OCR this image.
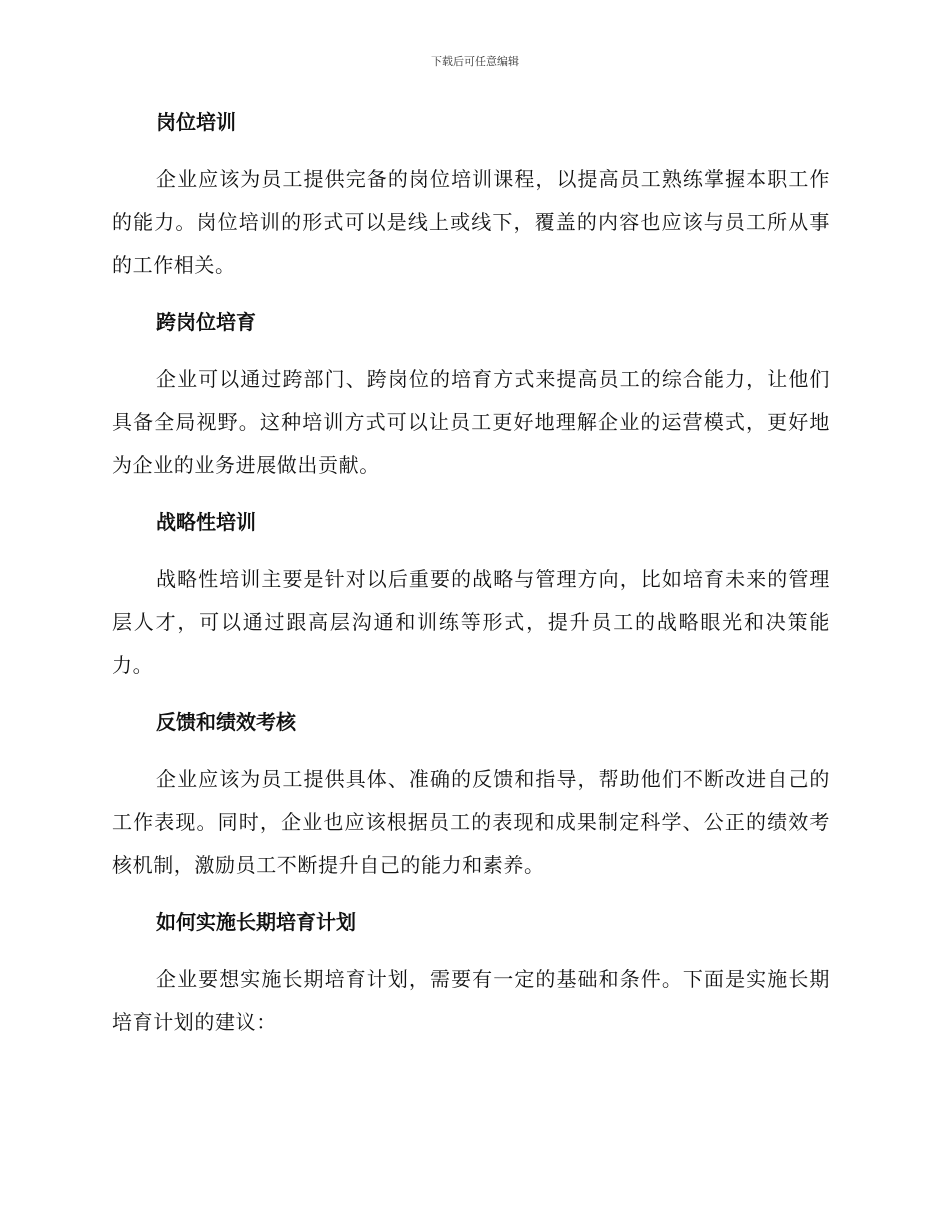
下载后可任意编辑
岗位培训
企业应该为员工提供完备的岗位培训课程，以提高员工熟练掌握本职工作的能力。岗位培训的形式可以是线上或线下，覆盖的内容也应该与员工所从事的工作相关。
跨岗位培育
企业可以通过跨部门、跨岗位的培育方式来提高员工的综合能力，让他们具备全局视野。这种培训方式可以让员工更好地理解企业的运营模式，更好地为企业的业务进展做出贡献。
战略性培训
战略性培训主要是针对以后重要的战略与管理方向，比如培育未来的管理层人才，可以通过跟高层沟通和训练等形式，提升员工的战略眼光和决策能力。
反馈和绩效考核
企业应该为员工提供具体、准确的反馈和指导，帮助他们不断改进自己的工作表现。同时，企业也应该根据员工的表现和成果制定科学、公正的绩效考核机制，激励员工不断提升自己的能力和素养。
如何实施长期培育计划
企业要想实施长期培育计划，需要有一定的基础和条件。下面是实施长期培育计划的建议：
